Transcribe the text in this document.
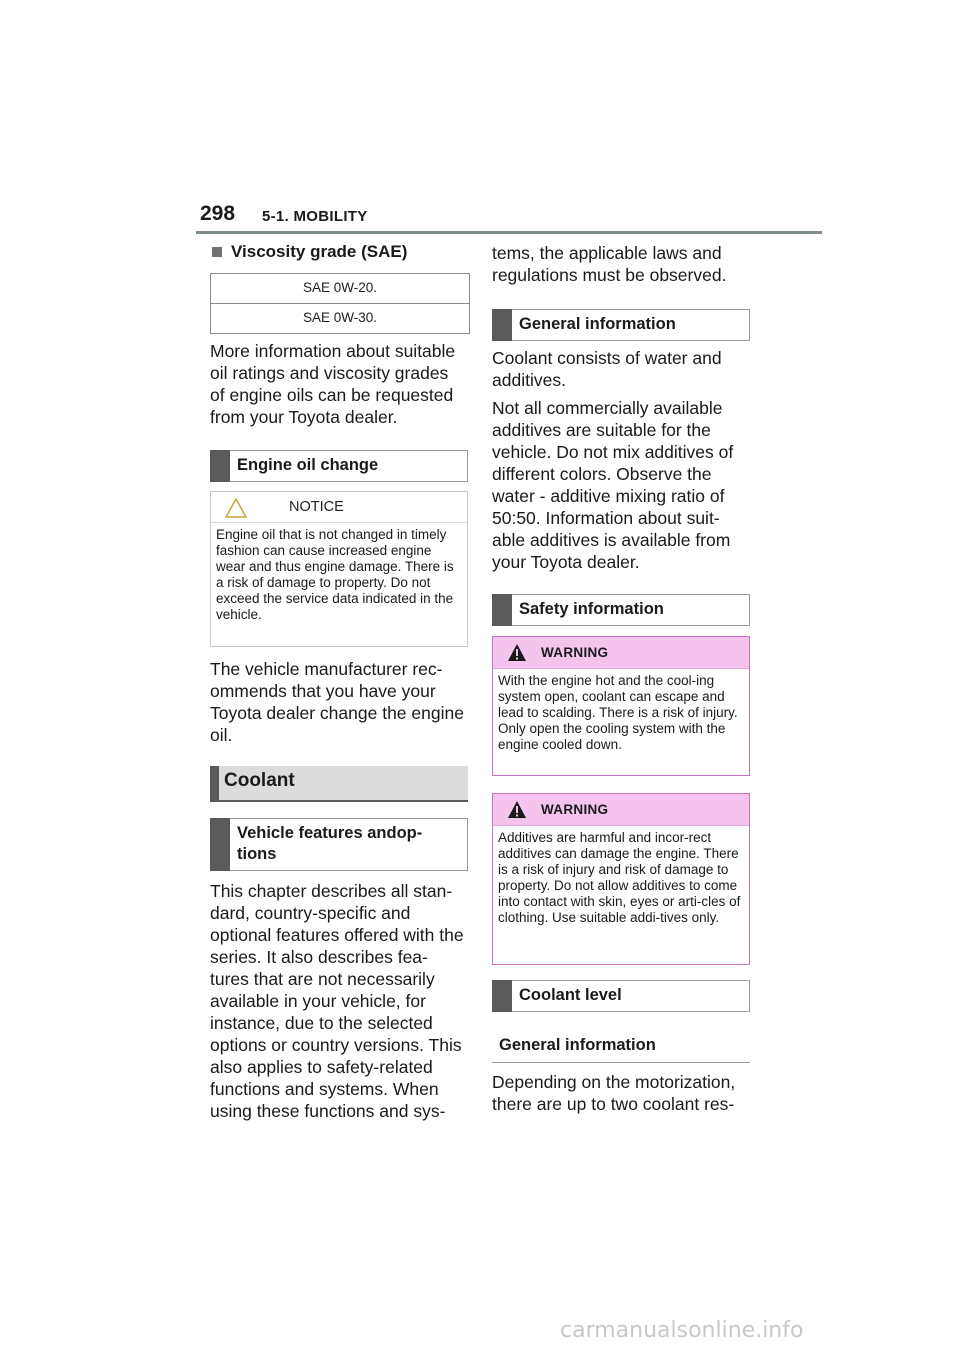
298 5-1. MOBILITY
Viscosity grade (SAE)
SAE 0W-20.
SAE 0W-30.

More information about suitable oil ratings and viscosity grades of engine oils can be requested from your Toyota dealer.

Engine oil change
NOTICE
Engine oil that is not changed in timely fashion can cause increased engine wear and thus engine damage. There is a risk of damage to property. Do not exceed the service data indicated in the vehicle.

The vehicle manufacturer rec-ommends that you have your Toyota dealer change the engine oil.

Coolant
Vehicle features andop-
tions

This chapter describes all stan-dard, country-specific and optional features offered with the series. It also describes fea-tures that are not necessarily available in your vehicle, for instance, due to the selected options or country versions. This also applies to safety-related functions and systems. When using these functions and sys-

tems, the applicable laws and regulations must be observed.

General information

Coolant consists of water and additives.

Not all commercially available additives are suitable for the vehicle. Do not mix additives of different colors. Observe the water - additive mixing ratio of 50:50. Information about suit-able additives is available from your Toyota dealer.

Safety information
WARNING
With the engine hot and the cool-ing system open, coolant can escape and lead to scalding. There is a risk of injury. Only open the cooling system with the engine cooled down.
WARNING
Additives are harmful and incor-rect additives can damage the engine. There is a risk of injury and risk of damage to property. Do not allow additives to come into contact with skin, eyes or arti-cles of clothing. Use suitable addi-tives only.
Coolant level
General information

Depending on the motorization, there are up to two coolant res-

carmanualsonline.info
